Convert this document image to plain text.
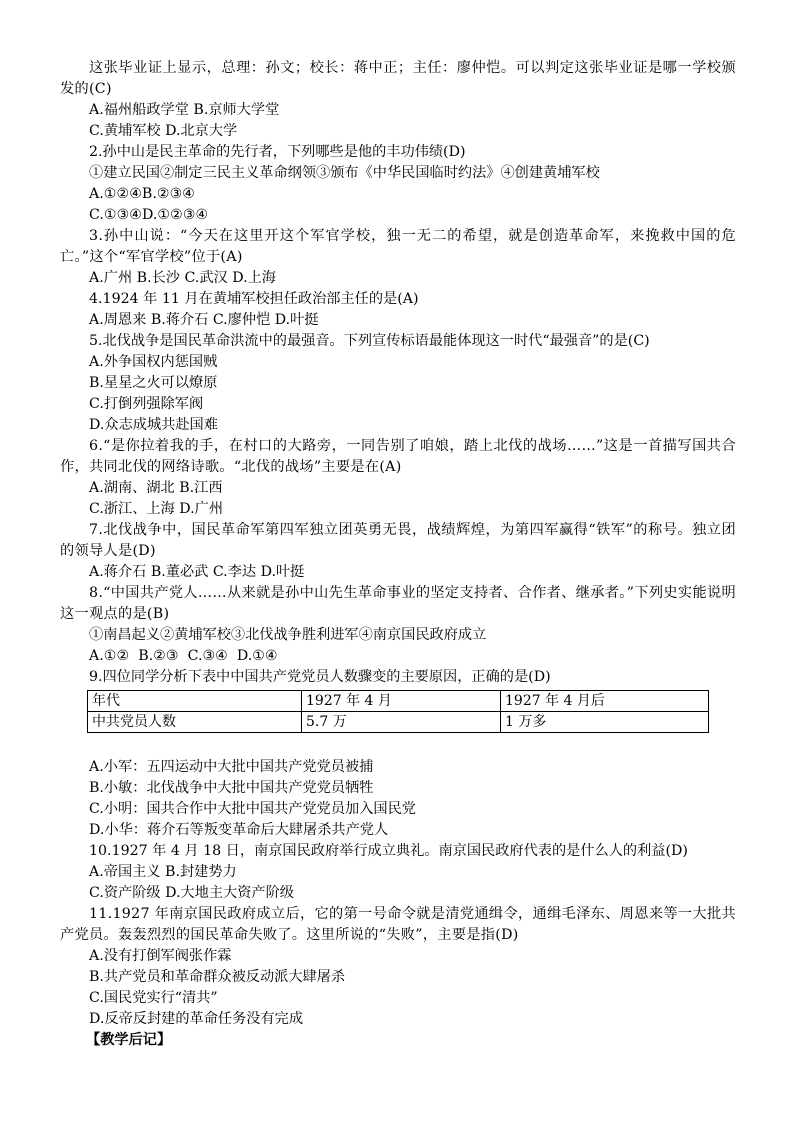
这张毕业证上显示，总理：孙文；校长：蒋中正；主任：廖仲恺。可以判定这张毕业证是哪一学校颁发的(C)
A.福州船政学堂 B.京师大学堂
C.黄埔军校 D.北京大学
2.孙中山是民主革命的先行者，下列哪些是他的丰功伟绩(D)
①建立民国②制定三民主义革命纲领③颁布《中华民国临时约法》④创建黄埔军校
A.①②④B.②③④
C.①③④D.①②③④
3.孙中山说：“今天在这里开这个军官学校，独一无二的希望，就是创造革命军，来挽救中国的危亡。”这个“军官学校”位于(A)
A.广州 B.长沙 C.武汉 D.上海
4.1924 年 11 月在黄埔军校担任政治部主任的是(A)
A.周恩来 B.蒋介石 C.廖仲恺 D.叶挺
5.北伐战争是国民革命洪流中的最强音。下列宣传标语最能体现这一时代“最强音”的是(C)
A.外争国权内惩国贼
B.星星之火可以燎原
C.打倒列强除军阀
D.众志成城共赴国难
6.“是你拉着我的手，在村口的大路旁，一同告别了咱娘，踏上北伐的战场……”这是一首描写国共合作，共同北伐的网络诗歌。“北伐的战场”主要是在(A)
A.湖南、湖北 B.江西
C.浙江、上海 D.广州
7.北伐战争中，国民革命军第四军独立团英勇无畏，战绩辉煌，为第四军赢得“铁军”的称号。独立团的领导人是(D)
A.蒋介石 B.董必武 C.李达 D.叶挺
8.“中国共产党人……从来就是孙中山先生革命事业的坚定支持者、合作者、继承者。”下列史实能说明这一观点的是(B)
①南昌起义②黄埔军校③北伐战争胜利进军④南京国民政府成立
A.①②  B.②③  C.③④  D.①④
9.四位同学分析下表中中国共产党党员人数骤变的主要原因，正确的是(D)
年代	1927 年 4 月	1927 年 4 月后
中共党员人数	5.7 万	1 万多
A.小军：五四运动中大批中国共产党党员被捕
B.小敏：北伐战争中大批中国共产党党员牺牲
C.小明：国共合作中大批中国共产党党员加入国民党
D.小华：蒋介石等叛变革命后大肆屠杀共产党人
10.1927 年 4 月 18 日，南京国民政府举行成立典礼。南京国民政府代表的是什么人的利益(D)
A.帝国主义 B.封建势力
C.资产阶级 D.大地主大资产阶级
11.1927 年南京国民政府成立后，它的第一号命令就是清党通缉令，通缉毛泽东、周恩来等一大批共产党员。轰轰烈烈的国民革命失败了。这里所说的“失败”，主要是指(D)
A.没有打倒军阀张作霖
B.共产党员和革命群众被反动派大肆屠杀
C.国民党实行“清共”
D.反帝反封建的革命任务没有完成
【教学后记】
